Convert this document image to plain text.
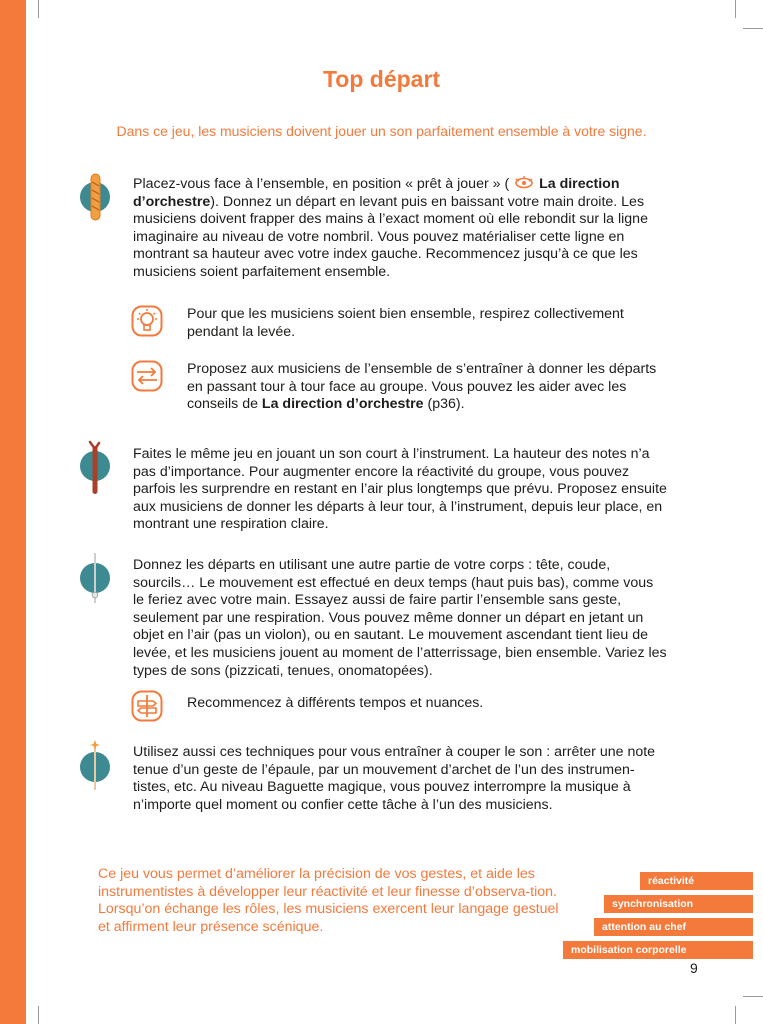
Top départ
Dans ce jeu, les musiciens doivent jouer un son parfaitement ensemble à votre signe.

Placez-vous face à l’ensemble, en position « prêt à jouer » (  La direction d’orchestre). Donnez un départ en levant puis en baissant votre main droite. Les musiciens doivent frapper des mains à l’exact moment où elle rebondit sur la ligne imaginaire au niveau de votre nombril. Vous pouvez matérialiser cette ligne en montrant sa hauteur avec votre index gauche. Recommencez jusqu’à ce que les musiciens soient parfaitement ensemble.

Pour que les musiciens soient bien ensemble, respirez collectivement pendant la levée.

Proposez aux musiciens de l’ensemble de s’entraîner à donner les départs en passant tour à tour face au groupe. Vous pouvez les aider avec les conseils de La direction d’orchestre (p36).

Faites le même jeu en jouant un son court à l’instrument. La hauteur des notes n’a pas d’importance. Pour augmenter encore la réactivité du groupe, vous pouvez parfois les surprendre en restant en l’air plus longtemps que prévu. Proposez ensuite aux musiciens de donner les départs à leur tour, à l’instrument, depuis leur place, en montrant une respiration claire.

Donnez les départs en utilisant une autre partie de votre corps : tête, coude, sourcils… Le mouvement est effectué en deux temps (haut puis bas), comme vous le feriez avec votre main. Essayez aussi de faire partir l’ensemble sans geste, seulement par une respiration. Vous pouvez même donner un départ en jetant un objet en l’air (pas un violon), ou en sautant. Le mouvement ascendant tient lieu de levée, et les musiciens jouent au moment de l’atterrissage, bien ensemble. Variez les types de sons (pizzicati, tenues, onomatopées).

Recommencez à différents tempos et nuances.

Utilisez aussi ces techniques pour vous entraîner à couper le son : arrêter une note tenue d’un geste de l’épaule, par un mouvement d’archet de l’un des instrumen-tistes, etc. Au niveau Baguette magique, vous pouvez interrompre la musique à n’importe quel moment ou confier cette tâche à l’un des musiciens.

Ce jeu vous permet d’améliorer la précision de vos gestes, et aide les instrumentistes à développer leur réactivité et leur finesse d’observa-tion. Lorsqu’on échange les rôles, les musiciens exercent leur langage gestuel et affirment leur présence scénique.

réactivité
synchronisation
attention au chef
mobilisation corporelle
9
